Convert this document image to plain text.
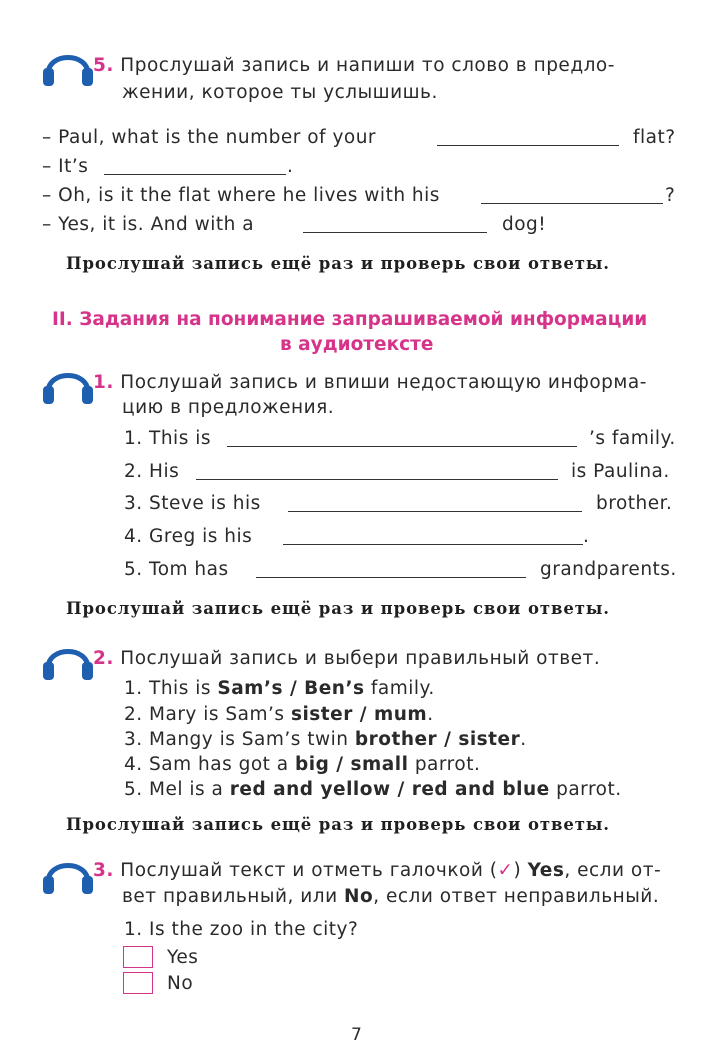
5. Прослушай запись и напиши то слово в предло-
жении, которое ты услышишь.
– Paul, what is the number of your	flat?
– It’s	.
– Oh, is it the flat where he lives with his	?
– Yes, it is. And with a	dog!
Прослушай запись ещё раз и проверь свои ответы.
II. Задания на понимание запрашиваемой информации
в аудиотексте
1. Послушай запись и впиши недостающую информа-
цию в предложения.
1. This is	’s family.
2. His	is Paulina.
3. Steve is his	brother.
4. Greg is his	.
5. Tom has	grandparents.
Прослушай запись ещё раз и проверь свои ответы.
2. Послушай запись и выбери правильный ответ.
1. This is Sam’s / Ben’s family.
2. Mary is Sam’s sister / mum.
3. Mangy is Sam’s twin brother / sister.
4. Sam has got a big / small parrot.
5. Mel is a red and yellow / red and blue parrot.
Прослушай запись ещё раз и проверь свои ответы.
3. Послушай текст и отметь галочкой (✓) Yes, если от-
вет правильный, или No, если ответ неправильный.
1. Is the zoo in the city?
Yes
No
7
